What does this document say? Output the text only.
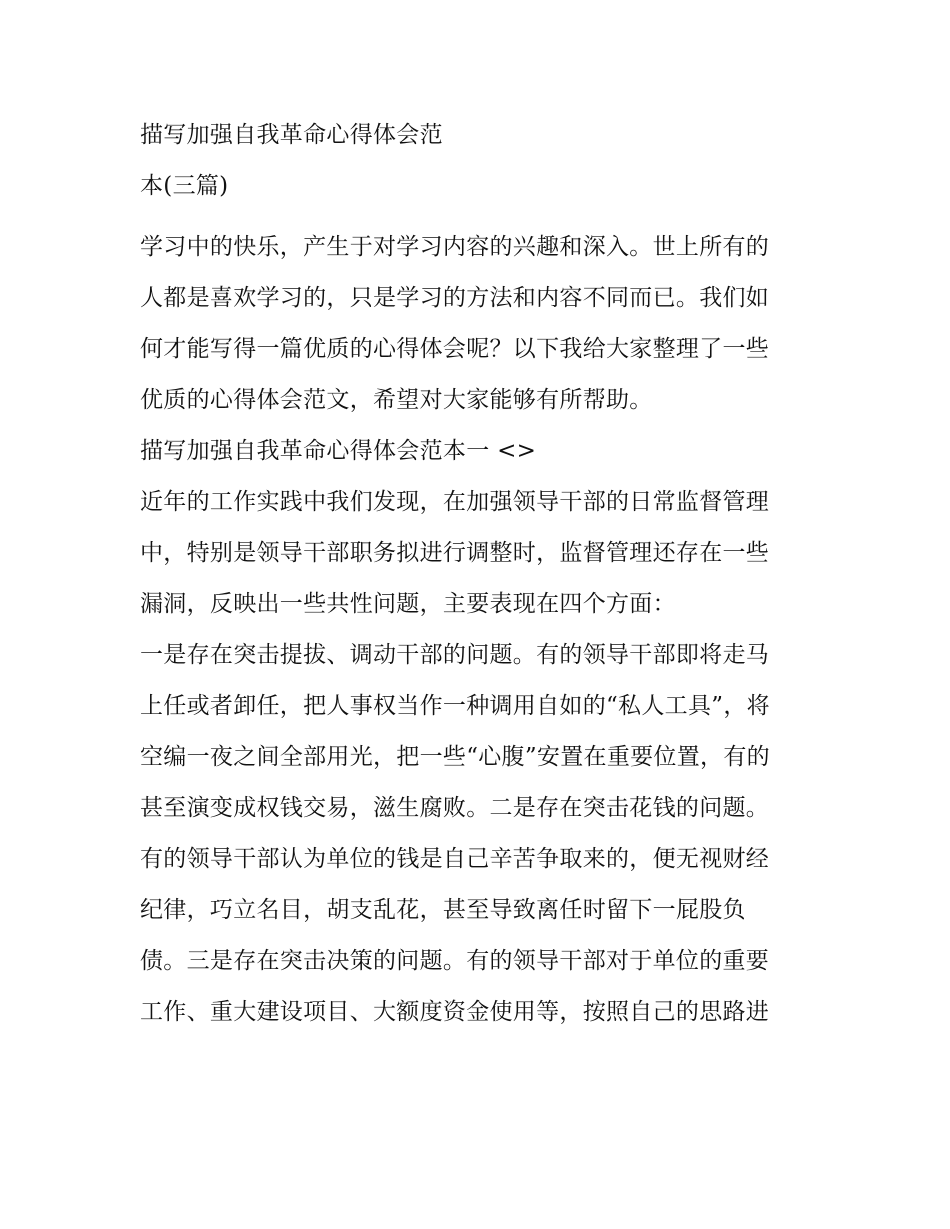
描写加强自我革命心得体会范
本(三篇)
学习中的快乐，产生于对学习内容的兴趣和深入。世上所有的
人都是喜欢学习的，只是学习的方法和内容不同而已。我们如
何才能写得一篇优质的心得体会呢？以下我给大家整理了一些
优质的心得体会范文，希望对大家能够有所帮助。
描写加强自我革命心得体会范本一 <>
近年的工作实践中我们发现，在加强领导干部的日常监督管理
中，特别是领导干部职务拟进行调整时，监督管理还存在一些
漏洞，反映出一些共性问题，主要表现在四个方面：
一是存在突击提拔、调动干部的问题。有的领导干部即将走马
上任或者卸任，把人事权当作一种调用自如的“私人工具”，将
空编一夜之间全部用光，把一些“心腹”安置在重要位置，有的
甚至演变成权钱交易，滋生腐败。二是存在突击花钱的问题。
有的领导干部认为单位的钱是自己辛苦争取来的，便无视财经
纪律，巧立名目，胡支乱花，甚至导致离任时留下一屁股负
债。三是存在突击决策的问题。有的领导干部对于单位的重要
工作、重大建设项目、大额度资金使用等，按照自己的思路进
